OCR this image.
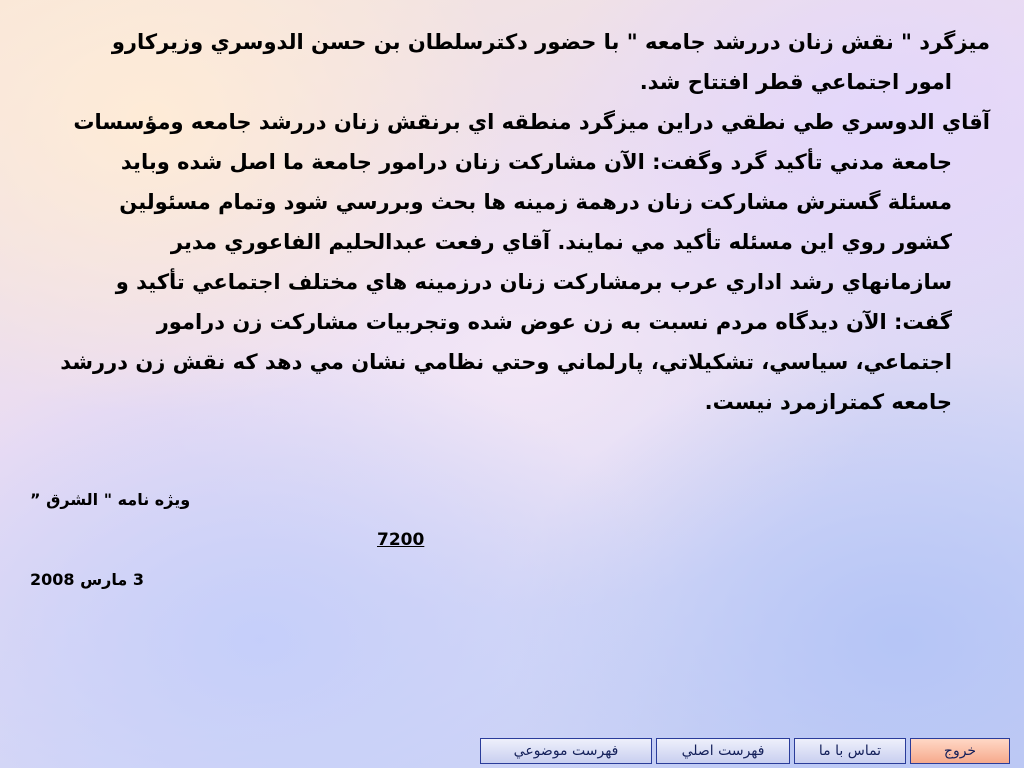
ميزگرد " نقش زنان دررشد جامعه " با حضور دكترسلطان بن حسن الدوسري وزيركارو
امور اجتماعي قطر افتتاح شد.

آقاي الدوسري طي نطقي دراين ميزگرد منطقه اي برنقش زنان دررشد جامعه ومؤسسات
جامعة مدني تأكيد گرد وگفت: الآن مشاركت زنان درامور جامعة ما اصل شده وبايد
مسئلة گسترش مشاركت زنان درهمة زمينه ها بحث وبررسي شود وتمام مسئولين
كشور روي اين مسئله تأكيد مي نمايند. آقاي رفعت عبدالحليم الفاعوري مدير
سازمانهاي رشد اداري عرب برمشاركت زنان درزمينه هاي مختلف اجتماعي تأكيد و
گفت: الآن ديدگاه مردم نسبت به زن عوض شده وتجربيات مشاركت زن درامور
اجتماعي، سياسي، تشكيلاتي، پارلماني وحتي نظامي نشان مي دهد كه نقش زن دررشد
جامعه كمترازمرد نيست.

ويژه نامه " الشرق ”
7200
3 مارس 2008
فهرست موضوعي	فهرست اصلي	تماس با ما	خروج
